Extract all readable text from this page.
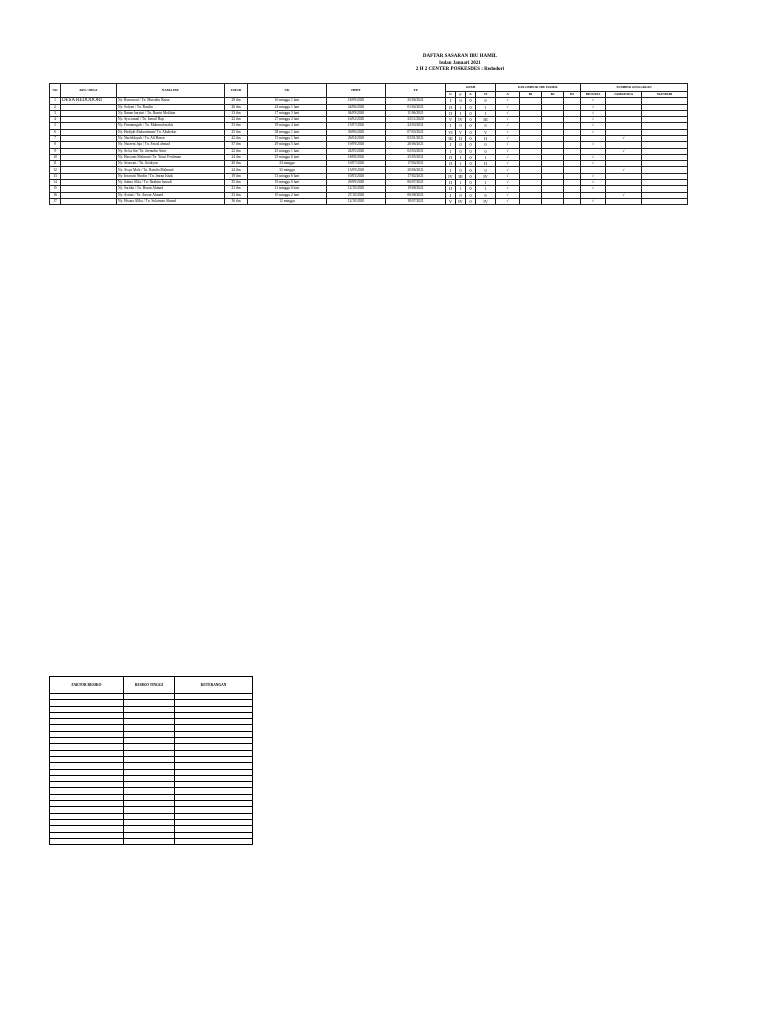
DAFTAR SASARAN IBU HAMIL
bulan Januari 2021
2 H 2 CENTER POSKESDES : Redodori
NO	KEL/ DESA	NAMA IBU	UMUR	UK	HPHT	TP	GPAH				KELOMPOK IBU HAMIL				SUMBER ANGGARAN		
							G	p	A	H	A	B1	B2	B3	BPJS/KIS	JAMKESDA	MANDIRI
1	DESA REDODORI	Ny. Romawati / Tn. Mursalin Batua	29 thn	16 minggu 1 hari	18/09/2020	25/06/2021	I	0	0	0	√				√		
2		Ny. Sofyan / Tn. Rusdin	26 thn	24 minggu 1 hari	24/06/2020	01/04/2021	II	1	0	1	√				√		
3		Ny. Ibman haryini / Tn. Basrin Mokhtar	33 thn	17 minggu 3 hari	04/09/2020	11/06/2021	II	1	0	1	√				√		
4		Ny. Ayu ismail / Tn. Ismail Hap	22 thn	27 minggu 2 hari	16/02/2020	23/11/2020	V	IV	0	III	√				√		
5		Ny. Firnaningsih / Tn. Mahmud mahis	33 thn	18 minggu 4 hari	15/07/2020	22/03/2021	I	0	0	0	√				√		
6		Ny. Hadijah Abdurahman/ Tn. Abubekar	25 thn	38 minggu 1 hari	30/06/2020	07/03/2021	VI	V	0	V	√				√		
7		Ny. Nurfeldayah / Tn. Ali Hasen	42 thn	15 minggu 1 hari	26/04/2020	03/01/2021	III	II	0	II	√					√	
8		Ny. Nuraeni Jaja / Tn. Faizal ahmad	37 thn	29 minggu 5 hari	19/09/2020	26/06/2021	I	0	0	0	√				√		
9		Ny. Arfi,a ibe/ Tn. Jaenudin Amir	22 thn	23 minggu 1 hari	24/05/2020	02/03/2021	I	0	0	0	√					√	
10		Ny. Haryanti Mahmud /Tn. Yusuf Ferdiman	24 thn	25 minggu 6 hari	18/08/2020	25/05/2021	II	1	0	1	√				√		
11		Ny. Ariawati / Tn. Arsalyan	20 thn	24 minggu	10/07/2020	17/04/2021	II	1	0	II	√				√		
12		Ny. Aisya Male / Tn. Ramlin Mahmud	24 thn	32 minggu	13/09/2020	20/06/2021	I	0	0	0	√					√	
13		Ny. Irnawati Nurdin / Tn. Imran Ishak	19 thn	13 minggu 6 hari	10/05/2020	17/02/2021	IV	III	0	IV	√				√		
14		Ny. Salma Alfia / Tn. Ibrahim Ismudi	35 thn	19 minggu 6 hari	29/09/2020	06/07/2021	II	1	0	1	√				√		
15		Ny. Sartika / Tn. Hasan Ahmad	21 thn	11 minggu 6 hari	12/10/2020	19/08/2021	II	1	0	1	√				√		
16		Ny. Asriati / Tn. Anwar Ahmad	33 thn	10 minggu 2 hari	27/10/2020	06/08/2021	I	0	0	0	√					√	
17		Ny. Hisana Alfha / Tn. Sulaiman Ahmad	36 thn	12 minggu	12/10/2020	18/07/2021	V	IV	0	IV	√				√		
FAKTOR RESIKO	RESIKO TINGGI	KETERANGAN
